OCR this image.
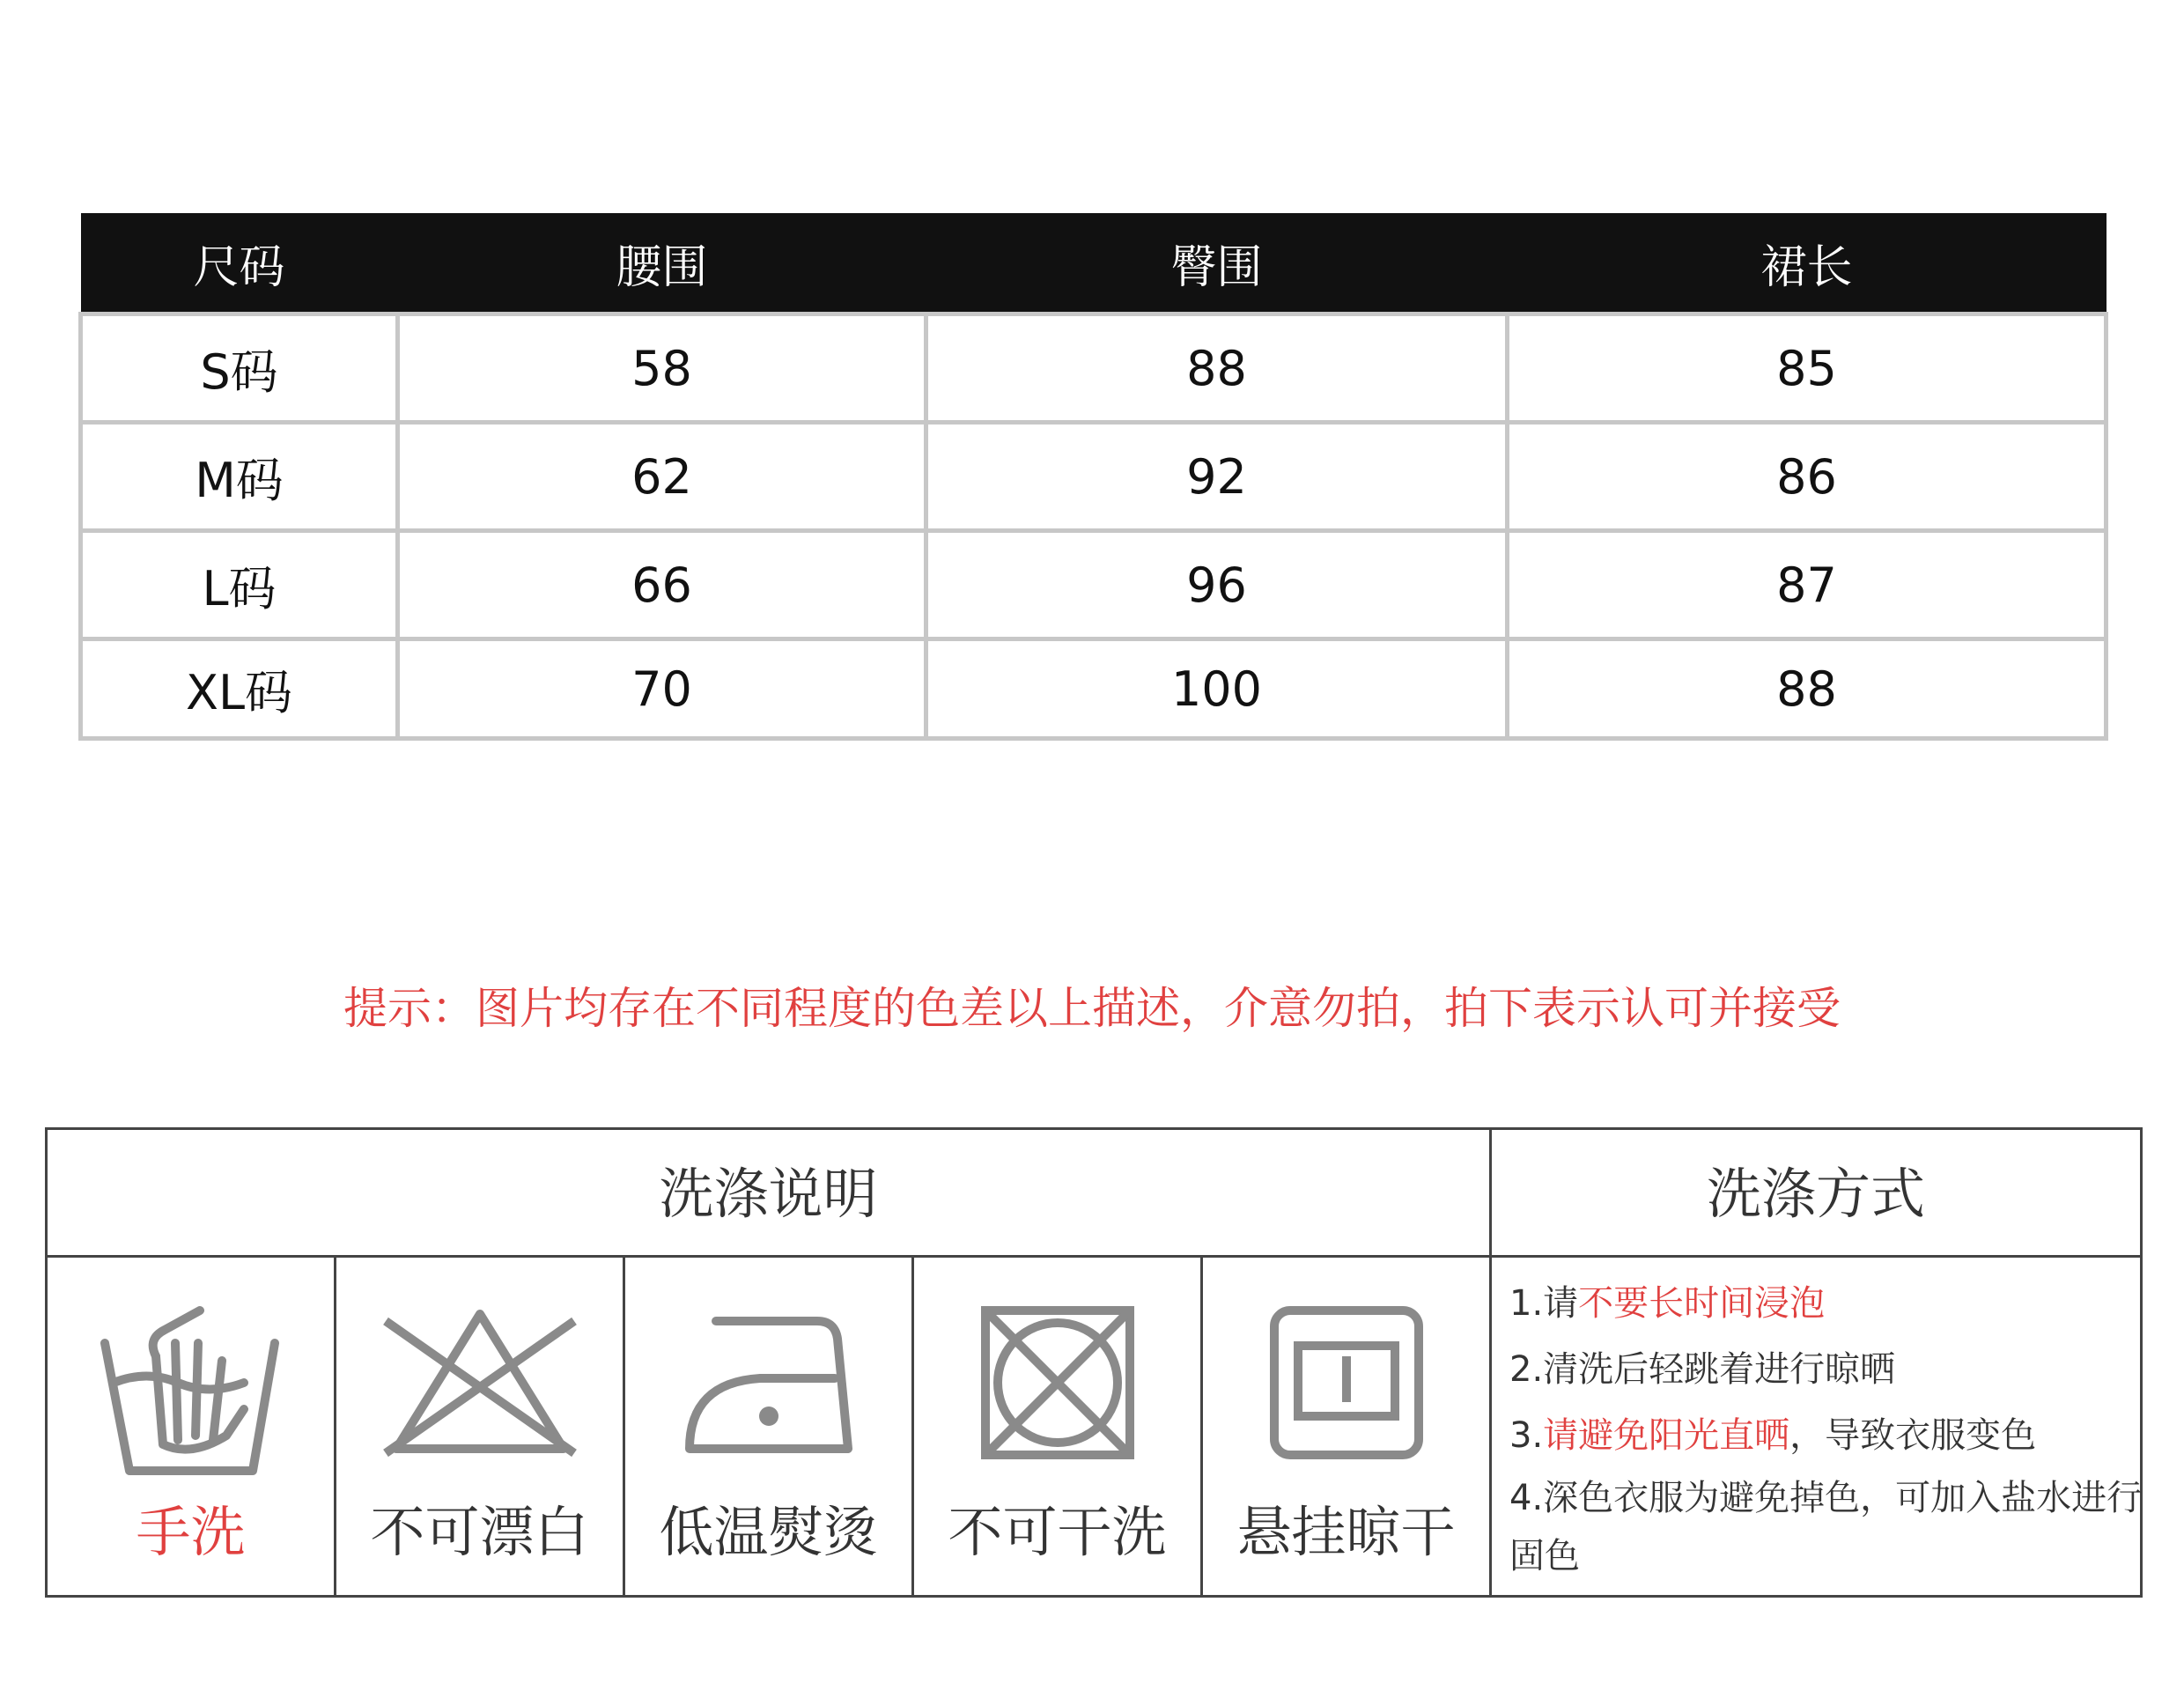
尺码	腰围	臀围	裙长
S码	58	88	85
M码	62	92	86
L码	66	96	87
XL码	70	100	88
提示：图片均存在不同程度的色差以上描述，介意勿拍，拍下表示认可并接受
洗涤说明	洗涤方式
手洗	不可漂白	低温熨烫	不可干洗	悬挂晾干

1.请不要长时间浸泡

2.清洗后轻跳着进行晾晒

3.请避免阳光直晒，导致衣服变色

4.深色衣服为避免掉色，可加入盐水进行固色
